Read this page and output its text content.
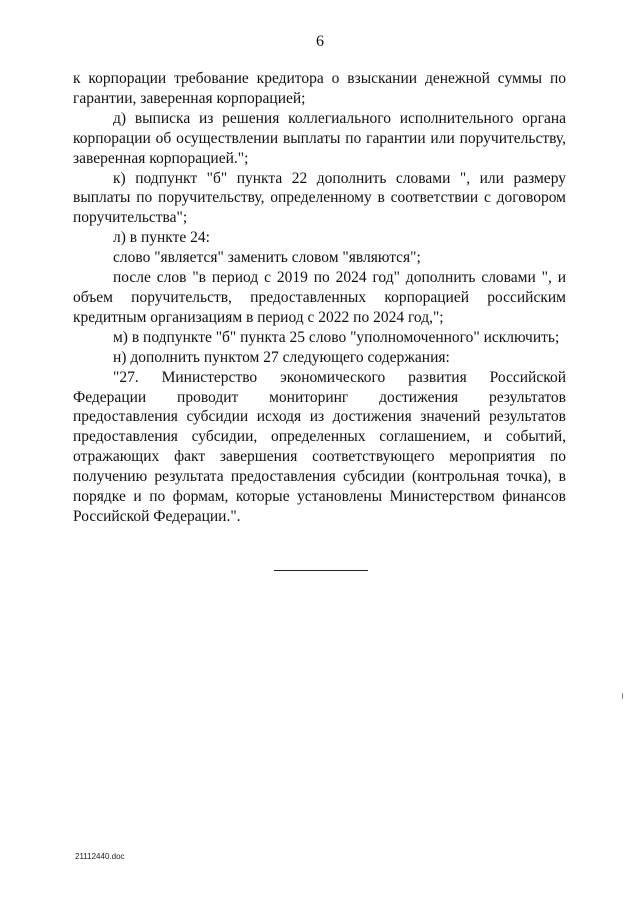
6

к корпорации требование кредитора о взыскании денежной суммы по гарантии, заверенная корпорацией;

д) выписка из решения коллегиального исполнительного органа корпорации об осуществлении выплаты по гарантии или поручительству, заверенная корпорацией.";

к) подпункт "б" пункта 22 дополнить словами ", или размеру выплаты по поручительству, определенному в соответствии с договором поручительства";

л) в пункте 24:

слово "является" заменить словом "являются";

после слов "в период с 2019 по 2024 год" дополнить словами ", и объем поручительств, предоставленных корпорацией российским кредитным организациям в период с 2022 по 2024 год,";

м) в подпункте "б" пункта 25 слово "уполномоченного" исключить;

н) дополнить пунктом 27 следующего содержания:

"27. Министерство экономического развития Российской Федерации проводит мониторинг достижения результатов предоставления субсидии исходя из достижения значений результатов предоставления субсидии, определенных соглашением, и событий, отражающих факт завершения соответствующего мероприятия по получению результата предоставления субсидии (контрольная точка), в порядке и по формам, которые установлены Министерством финансов Российской Федерации.".

21112440.doc
